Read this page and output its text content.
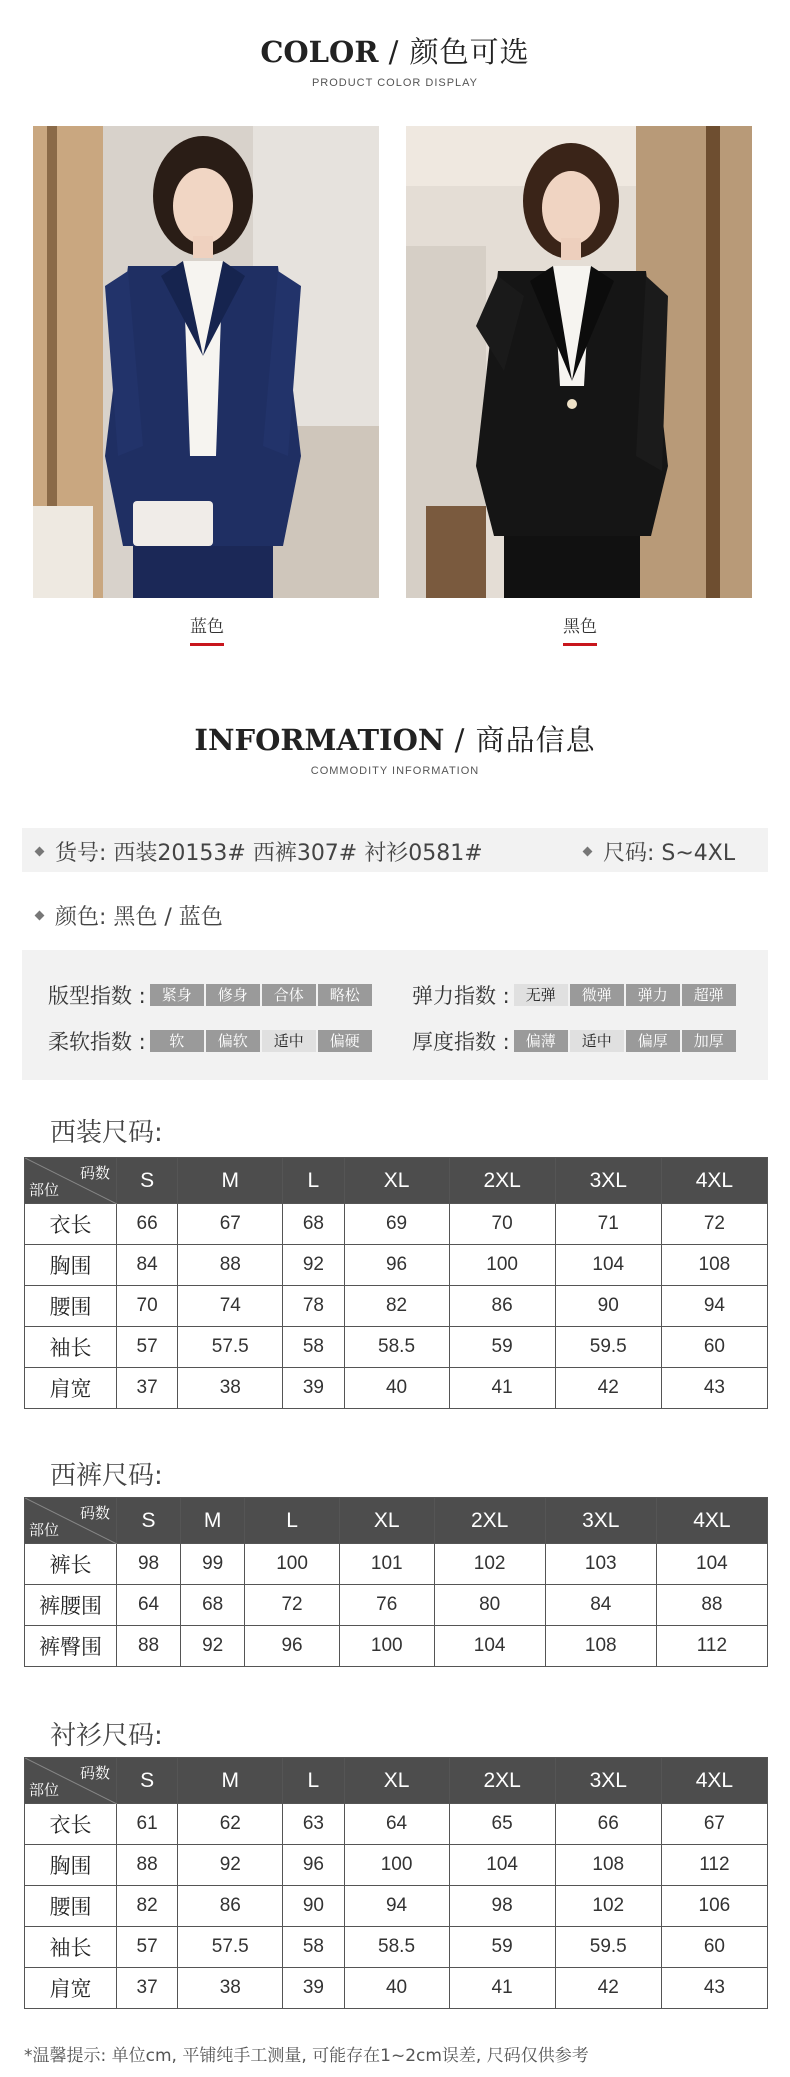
COLOR / 颜色可选
PRODUCT COLOR DISPLAY
蓝色	黑色
INFORMATION / 商品信息
COMMODITY INFORMATION
货号: 西装20153# 西裤307# 衬衫0581#	尺码: S~4XL
颜色: 黑色 / 蓝色
版型指数 :	紧身	修身	合体	略松	弹力指数 :	无弹	微弹	弹力	超弹
柔软指数 :	软	偏软	适中	偏硬	厚度指数 :	偏薄	适中	偏厚	加厚
西装尺码:
码数
部位	S	M	L	XL	2XL	3XL	4XL
衣长	66	67	68	69	70	71	72
胸围	84	88	92	96	100	104	108
腰围	70	74	78	82	86	90	94
袖长	57	57.5	58	58.5	59	59.5	60
肩宽	37	38	39	40	41	42	43
西裤尺码:
码数
部位	S	M	L	XL	2XL	3XL	4XL
裤长	98	99	100	101	102	103	104
裤腰围	64	68	72	76	80	84	88
裤臀围	88	92	96	100	104	108	112
衬衫尺码:
码数
部位	S	M	L	XL	2XL	3XL	4XL
衣长	61	62	63	64	65	66	67
胸围	88	92	96	100	104	108	112
腰围	82	86	90	94	98	102	106
袖长	57	57.5	58	58.5	59	59.5	60
肩宽	37	38	39	40	41	42	43
*温馨提示: 单位cm, 平铺纯手工测量, 可能存在1~2cm误差, 尺码仅供参考
